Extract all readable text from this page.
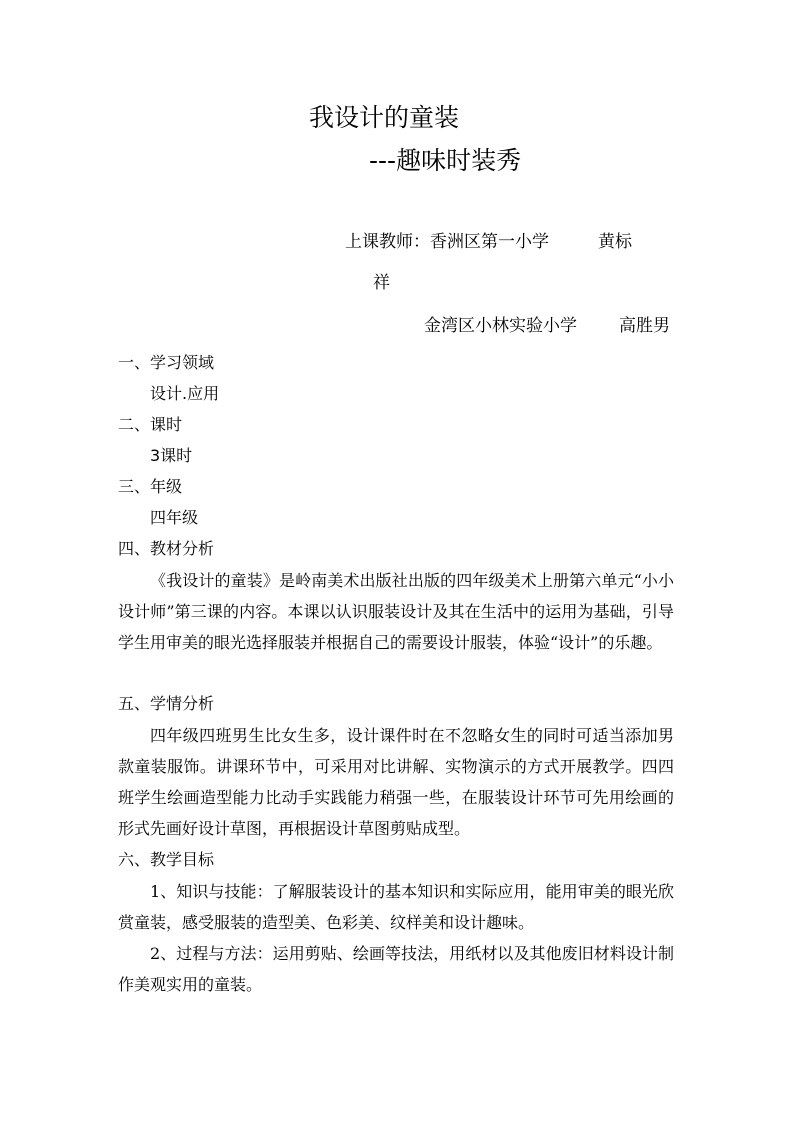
我设计的童装
---趣味时装秀
上课教师：香洲区第一小学	黄标
祥
金湾区小林实验小学 高胜男
一、学习领域
设计.应用
二、课时
3课时
三、年级
四年级
四、教材分析
《我设计的童装》是岭南美术出版社出版的四年级美术上册第六单元“小小设计师”第三课的内容。本课以认识服装设计及其在生活中的运用为基础，引导学生用审美的眼光选择服装并根据自己的需要设计服装，体验“设计”的乐趣。
五、学情分析
四年级四班男生比女生多，设计课件时在不忽略女生的同时可适当添加男款童装服饰。讲课环节中，可采用对比讲解、实物演示的方式开展教学。四四班学生绘画造型能力比动手实践能力稍强一些，在服装设计环节可先用绘画的形式先画好设计草图，再根据设计草图剪贴成型。
六、教学目标
1、知识与技能：了解服装设计的基本知识和实际应用，能用审美的眼光欣赏童装，感受服装的造型美、色彩美、纹样美和设计趣味。
2、过程与方法：运用剪贴、绘画等技法，用纸材以及其他废旧材料设计制作美观实用的童装。
